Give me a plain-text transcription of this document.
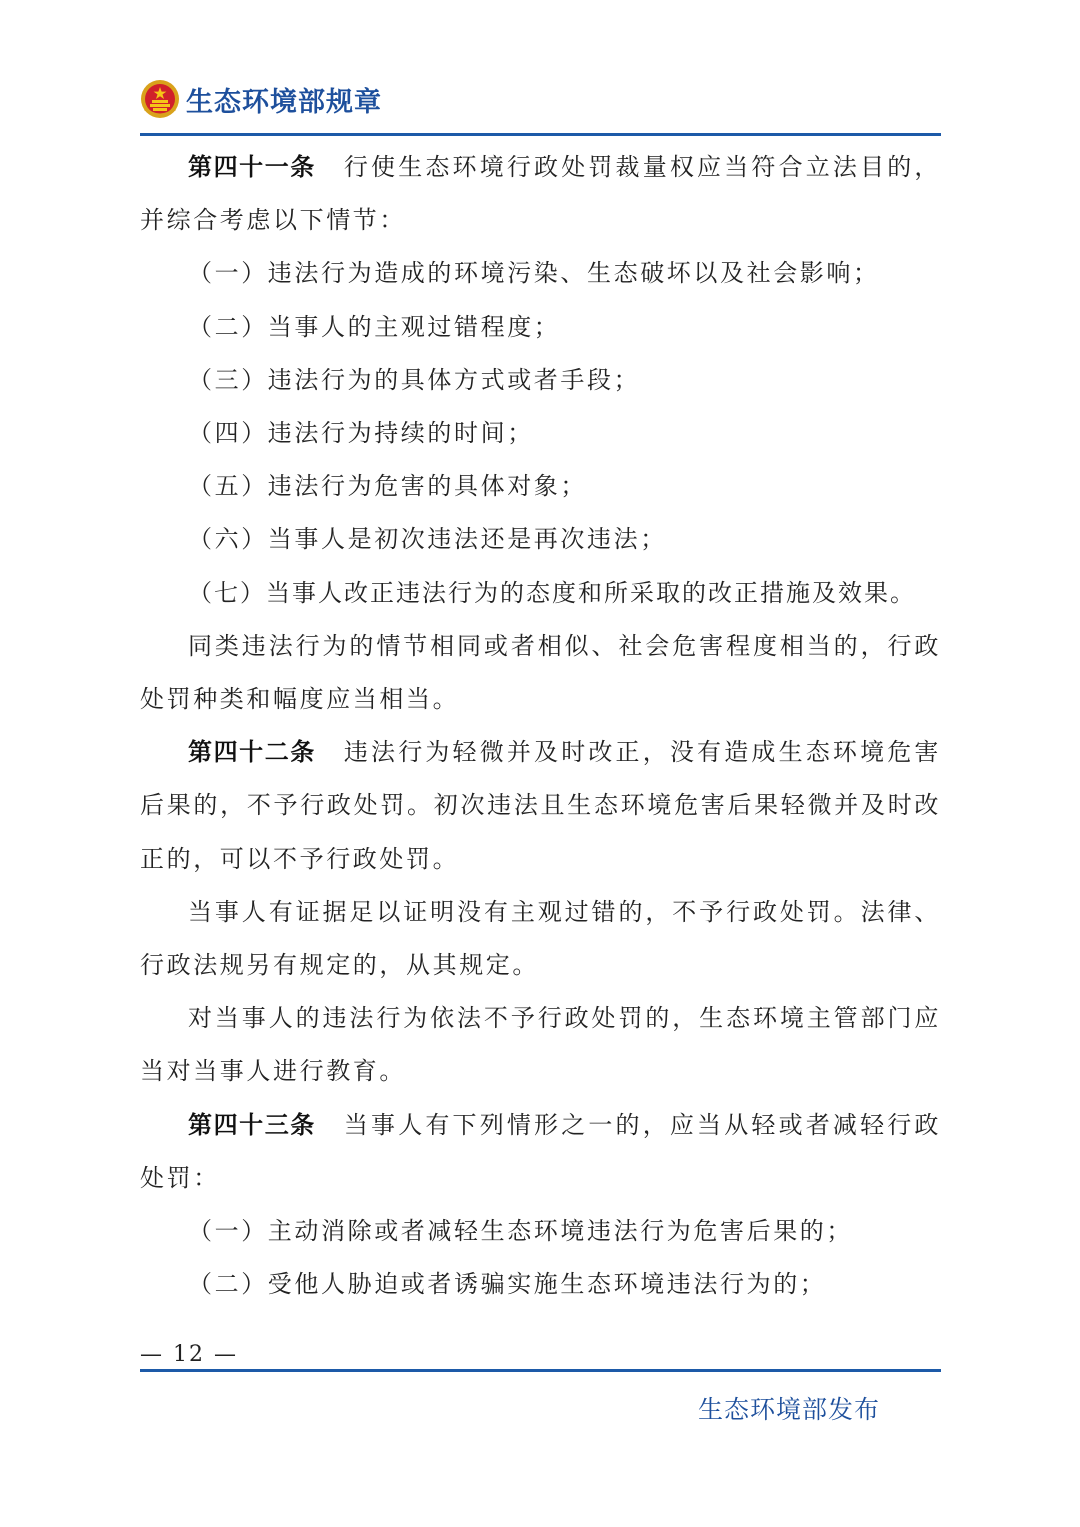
生态环境部规章

第四十一条 行使生态环境行政处罚裁量权应当符合立法目的，并综合考虑以下情节：

（一）违法行为造成的环境污染、生态破坏以及社会影响；

（二）当事人的主观过错程度；

（三）违法行为的具体方式或者手段；

（四）违法行为持续的时间；

（五）违法行为危害的具体对象；

（六）当事人是初次违法还是再次违法；

（七）当事人改正违法行为的态度和所采取的改正措施及效果。

同类违法行为的情节相同或者相似、社会危害程度相当的，行政处罚种类和幅度应当相当。

第四十二条 违法行为轻微并及时改正，没有造成生态环境危害后果的，不予行政处罚。初次违法且生态环境危害后果轻微并及时改正的，可以不予行政处罚。

当事人有证据足以证明没有主观过错的，不予行政处罚。法律、行政法规另有规定的，从其规定。

对当事人的违法行为依法不予行政处罚的，生态环境主管部门应当对当事人进行教育。

第四十三条 当事人有下列情形之一的，应当从轻或者减轻行政处罚：

（一）主动消除或者减轻生态环境违法行为危害后果的；

（二）受他人胁迫或者诱骗实施生态环境违法行为的；

— 12 —
生态环境部发布
